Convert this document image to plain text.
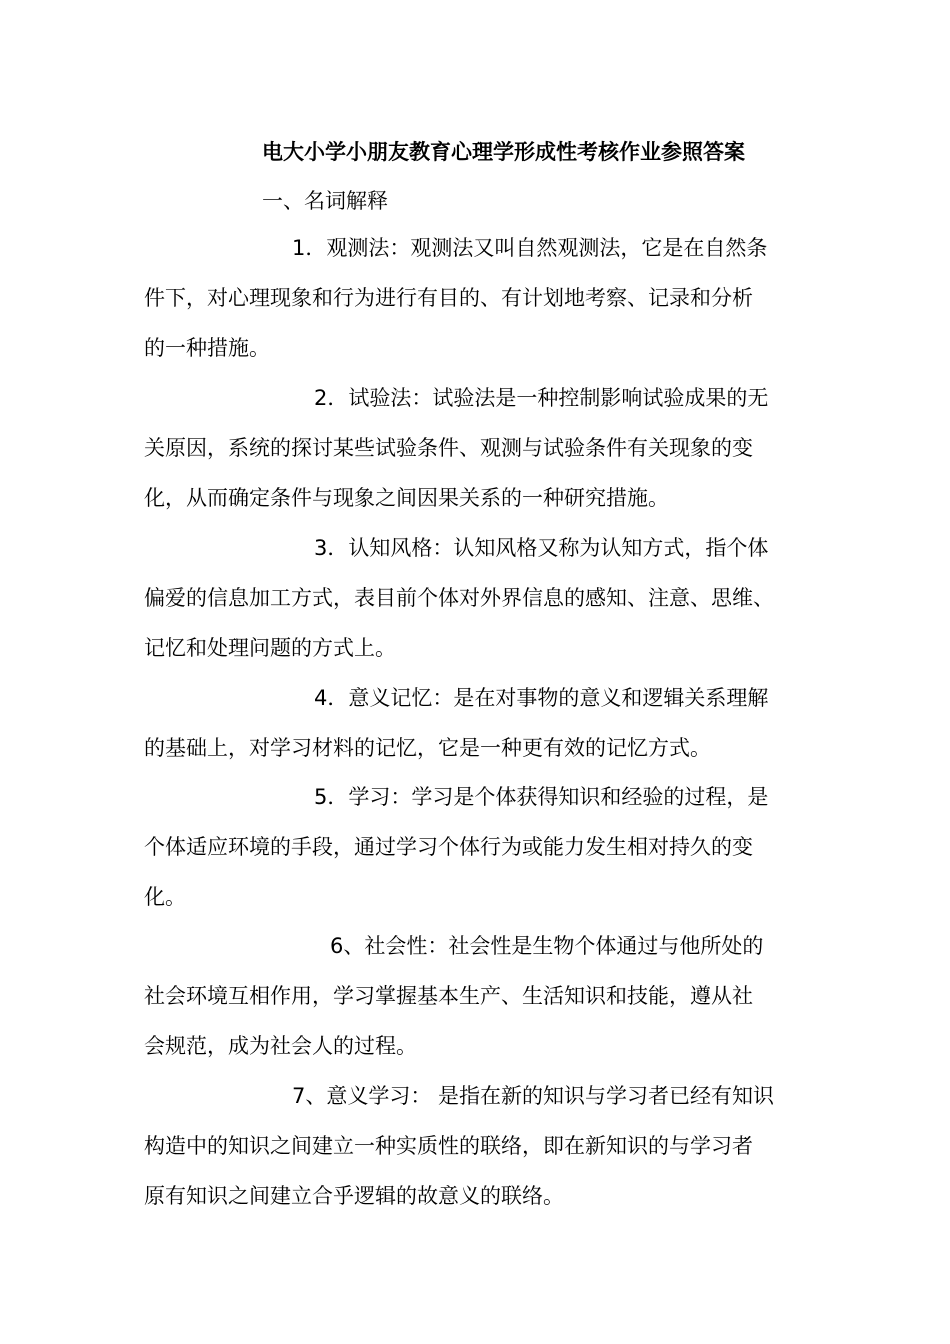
电大小学小朋友教育心理学形成性考核作业参照答案
一、名词解释
1．观测法：观测法又叫自然观测法，它是在自然条
件下，对心理现象和行为进行有目的、有计划地考察、记录和分析
的一种措施。
2．试验法：试验法是一种控制影响试验成果的无
关原因，系统的探讨某些试验条件、观测与试验条件有关现象的变
化，从而确定条件与现象之间因果关系的一种研究措施。
3．认知风格：认知风格又称为认知方式，指个体
偏爱的信息加工方式，表目前个体对外界信息的感知、注意、思维、
记忆和处理问题的方式上。
4．意义记忆：是在对事物的意义和逻辑关系理解
的基础上，对学习材料的记忆，它是一种更有效的记忆方式。
5．学习：学习是个体获得知识和经验的过程，是
个体适应环境的手段，通过学习个体行为或能力发生相对持久的变
化。
6、社会性：社会性是生物个体通过与他所处的
社会环境互相作用，学习掌握基本生产、生活知识和技能，遵从社
会规范，成为社会人的过程。
7、意义学习： 是指在新的知识与学习者已经有知识
构造中的知识之间建立一种实质性的联络，即在新知识的与学习者
原有知识之间建立合乎逻辑的故意义的联络。
